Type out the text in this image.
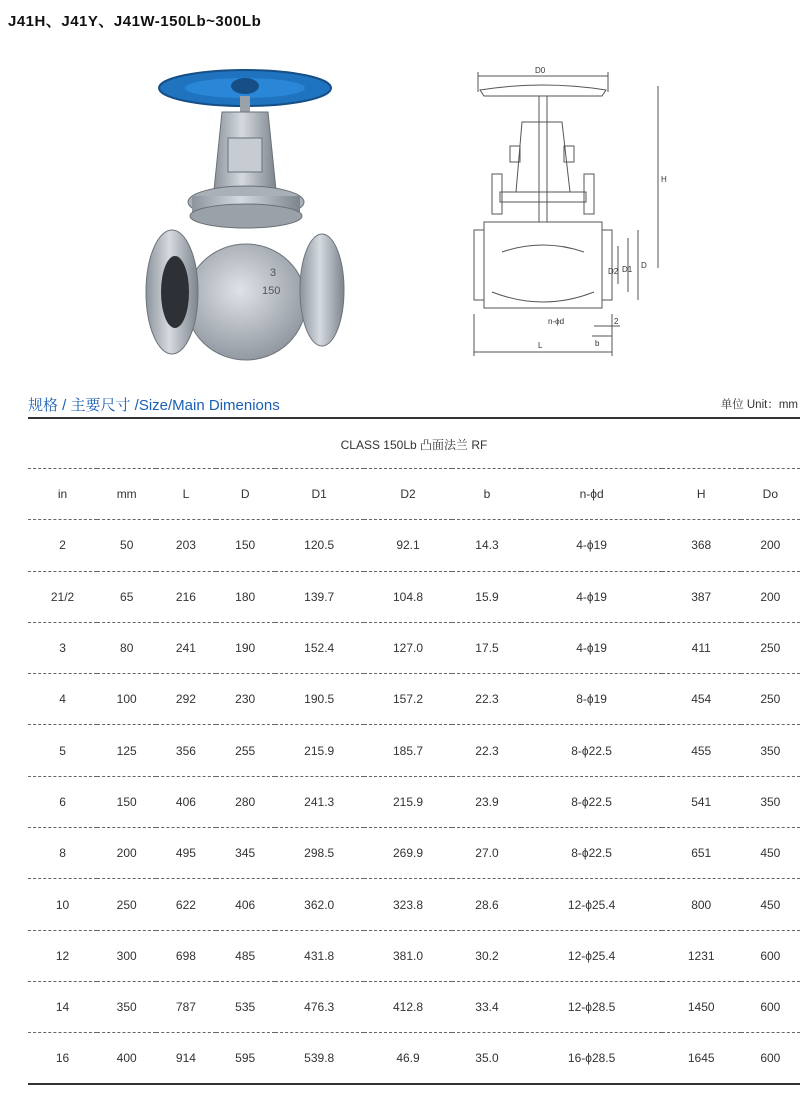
J41H、J41Y、J41W-150Lb~300Lb
3
150
D0
H
D
D1
D2
L
n-ϕd
b
2
规格 / 主要尺寸 /Size/Main Dimenions	单位 Unit：mm
CLASS 150Lb 凸面法兰 RF
in	mm	L	D	D1	D2	b	n-ϕd	H	Do
2	50	203	150	120.5	92.1	14.3	4-ϕ19	368	200
21/2	65	216	180	139.7	104.8	15.9	4-ϕ19	387	200
3	80	241	190	152.4	127.0	17.5	4-ϕ19	411	250
4	100	292	230	190.5	157.2	22.3	8-ϕ19	454	250
5	125	356	255	215.9	185.7	22.3	8-ϕ22.5	455	350
6	150	406	280	241.3	215.9	23.9	8-ϕ22.5	541	350
8	200	495	345	298.5	269.9	27.0	8-ϕ22.5	651	450
10	250	622	406	362.0	323.8	28.6	12-ϕ25.4	800	450
12	300	698	485	431.8	381.0	30.2	12-ϕ25.4	1231	600
14	350	787	535	476.3	412.8	33.4	12-ϕ28.5	1450	600
16	400	914	595	539.8	46.9	35.0	16-ϕ28.5	1645	600
